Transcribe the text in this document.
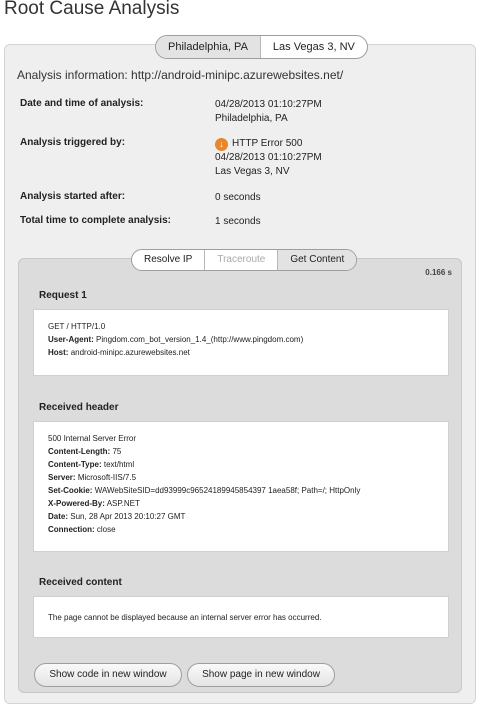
Root Cause Analysis
Philadelphia, PA	Las Vegas 3, NV
Analysis information: http://android-minipc.azurewebsites.net/
Date and time of analysis:	04/28/2013 01:10:27PM
Philadelphia, PA
Analysis triggered by:	↓ HTTP Error 500
04/28/2013 01:10:27PM
Las Vegas 3, NV
Analysis started after:	0 seconds
Total time to complete analysis:	1 seconds
Resolve IP	Traceroute	Get Content
0.166 s
Request 1
GET / HTTP/1.0
User-Agent: Pingdom.com_bot_version_1.4_(http://www.pingdom.com)
Host: android-minipc.azurewebsites.net
Received header
500 Internal Server Error
Content-Length: 75
Content-Type: text/html
Server: Microsoft-IIS/7.5
Set-Cookie: WAWebSiteSID=dd93999c96524189945854397 1aea58f; Path=/; HttpOnly
X-Powered-By: ASP.NET
Date: Sun, 28 Apr 2013 20:10:27 GMT
Connection: close
Received content
The page cannot be displayed because an internal server error has occurred.
Show code in new window	Show page in new window
